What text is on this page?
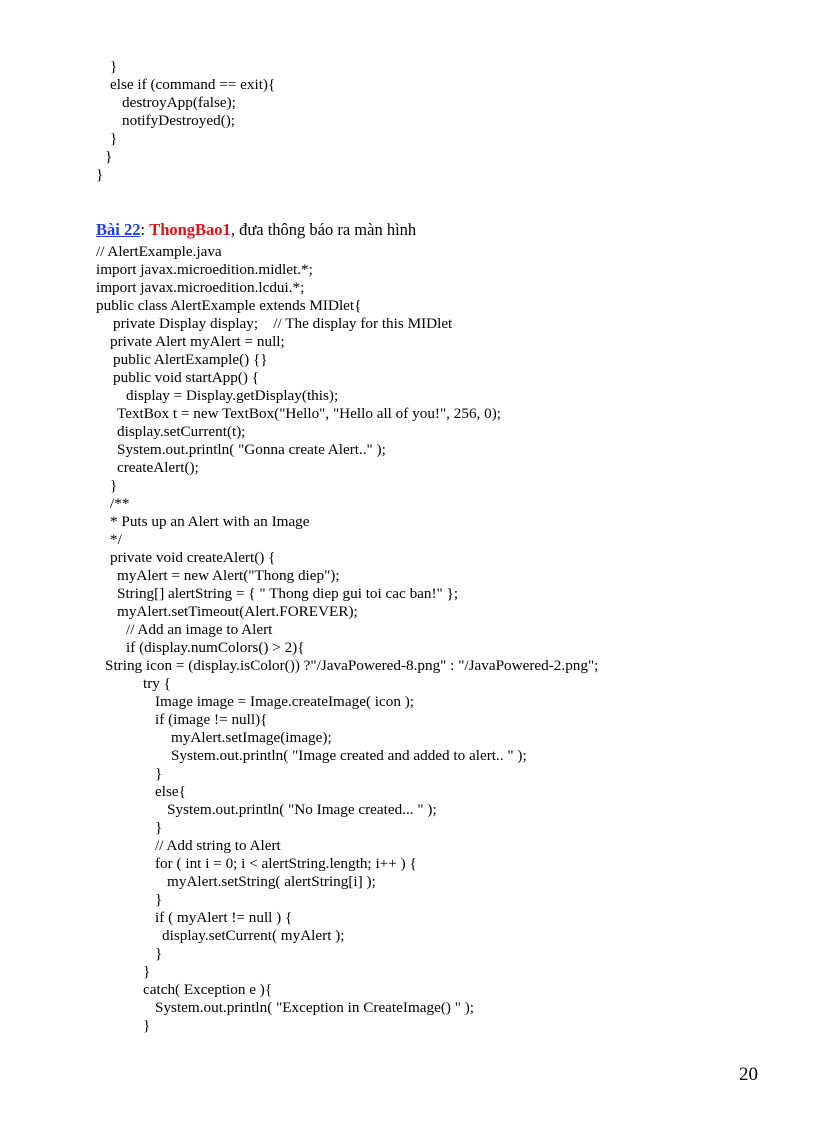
}
else if (command == exit){
destroyApp(false);
notifyDestroyed();
}
}
}
Bài 22: ThongBao1, đưa thông báo ra màn hình
// AlertExample.java
import javax.microedition.midlet.*;
import javax.microedition.lcdui.*;
public class AlertExample extends MIDlet{
private Display display;    // The display for this MIDlet
private Alert myAlert = null;
public AlertExample() {}
public void startApp() {
display = Display.getDisplay(this);
TextBox t = new TextBox("Hello", "Hello all of you!", 256, 0);
display.setCurrent(t);
System.out.println( "Gonna create Alert.." );
createAlert();
}
/**
* Puts up an Alert with an Image
*/
private void createAlert() {
myAlert = new Alert("Thong diep");
String[] alertString = { " Thong diep gui toi cac ban!" };
myAlert.setTimeout(Alert.FOREVER);
// Add an image to Alert
if (display.numColors() > 2){
String icon = (display.isColor()) ?"/JavaPowered-8.png" : "/JavaPowered-2.png";
try {
Image image = Image.createImage( icon );
if (image != null){
myAlert.setImage(image);
System.out.println( "Image created and added to alert.. " );
}
else{
System.out.println( "No Image created... " );
}
// Add string to Alert
for ( int i = 0; i < alertString.length; i++ ) {
myAlert.setString( alertString[i] );
}
if ( myAlert != null ) {
display.setCurrent( myAlert );
}
}
catch( Exception e ){
System.out.println( "Exception in CreateImage() " );
}
20
